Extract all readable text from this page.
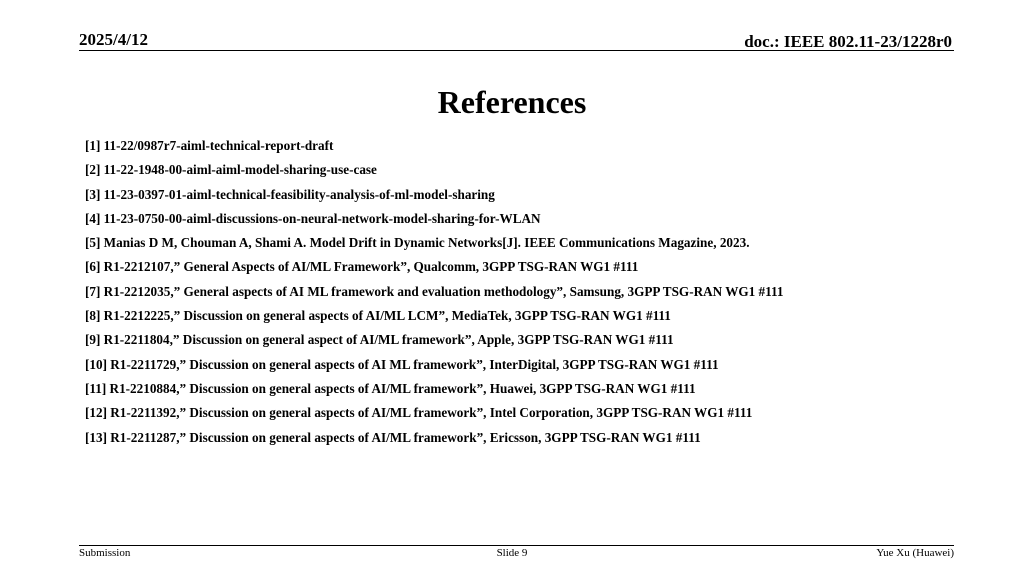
2025/4/12	doc.: IEEE 802.11-23/1228r0
References
[1] 11-22/0987r7-aiml-technical-report-draft
[2] 11-22-1948-00-aiml-aiml-model-sharing-use-case
[3] 11-23-0397-01-aiml-technical-feasibility-analysis-of-ml-model-sharing
[4] 11-23-0750-00-aiml-discussions-on-neural-network-model-sharing-for-WLAN
[5] Manias D M, Chouman A, Shami A. Model Drift in Dynamic Networks[J]. IEEE Communications Magazine, 2023.
[6] R1-2212107,” General Aspects of AI/ML Framework”, Qualcomm, 3GPP TSG-RAN WG1 #111
[7] R1-2212035,” General aspects of AI ML framework and evaluation methodology”, Samsung, 3GPP TSG-RAN WG1 #111
[8] R1-2212225,” Discussion on general aspects of AI/ML LCM”, MediaTek, 3GPP TSG-RAN WG1 #111
[9] R1-2211804,” Discussion on general aspect of AI/ML framework”, Apple, 3GPP TSG-RAN WG1 #111
[10] R1-2211729,” Discussion on general aspects of AI ML framework”, InterDigital, 3GPP TSG-RAN WG1 #111
[11] R1-2210884,” Discussion on general aspects of AI/ML framework”, Huawei, 3GPP TSG-RAN WG1 #111
[12] R1-2211392,” Discussion on general aspects of AI/ML framework”, Intel Corporation, 3GPP TSG-RAN WG1 #111
[13] R1-2211287,” Discussion on general aspects of AI/ML framework”, Ericsson, 3GPP TSG-RAN WG1 #111
Submission	Slide 9	Yue Xu (Huawei)
